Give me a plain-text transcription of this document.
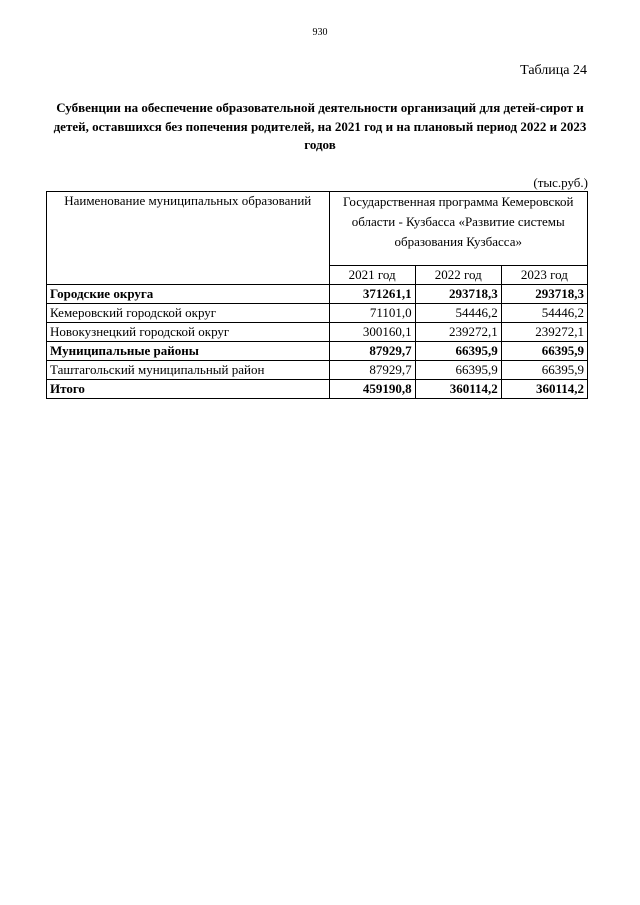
930
Таблица 24
Субвенции на обеспечение образовательной деятельности организаций для детей-сирот и детей, оставшихся без попечения родителей, на 2021 год и на плановый период 2022 и 2023 годов
(тыс.руб.)
Наименование муниципальных образований	Государственная программа Кемеровской области - Кузбасса «Развитие системы образования Кузбасса»		
	2021 год	2022 год	2023 год
Городские округа	371261,1	293718,3	293718,3
Кемеровский городской округ	71101,0	54446,2	54446,2
Новокузнецкий городской округ	300160,1	239272,1	239272,1
Муниципальные районы	87929,7	66395,9	66395,9
Таштагольский муниципальный район	87929,7	66395,9	66395,9
Итого	459190,8	360114,2	360114,2
